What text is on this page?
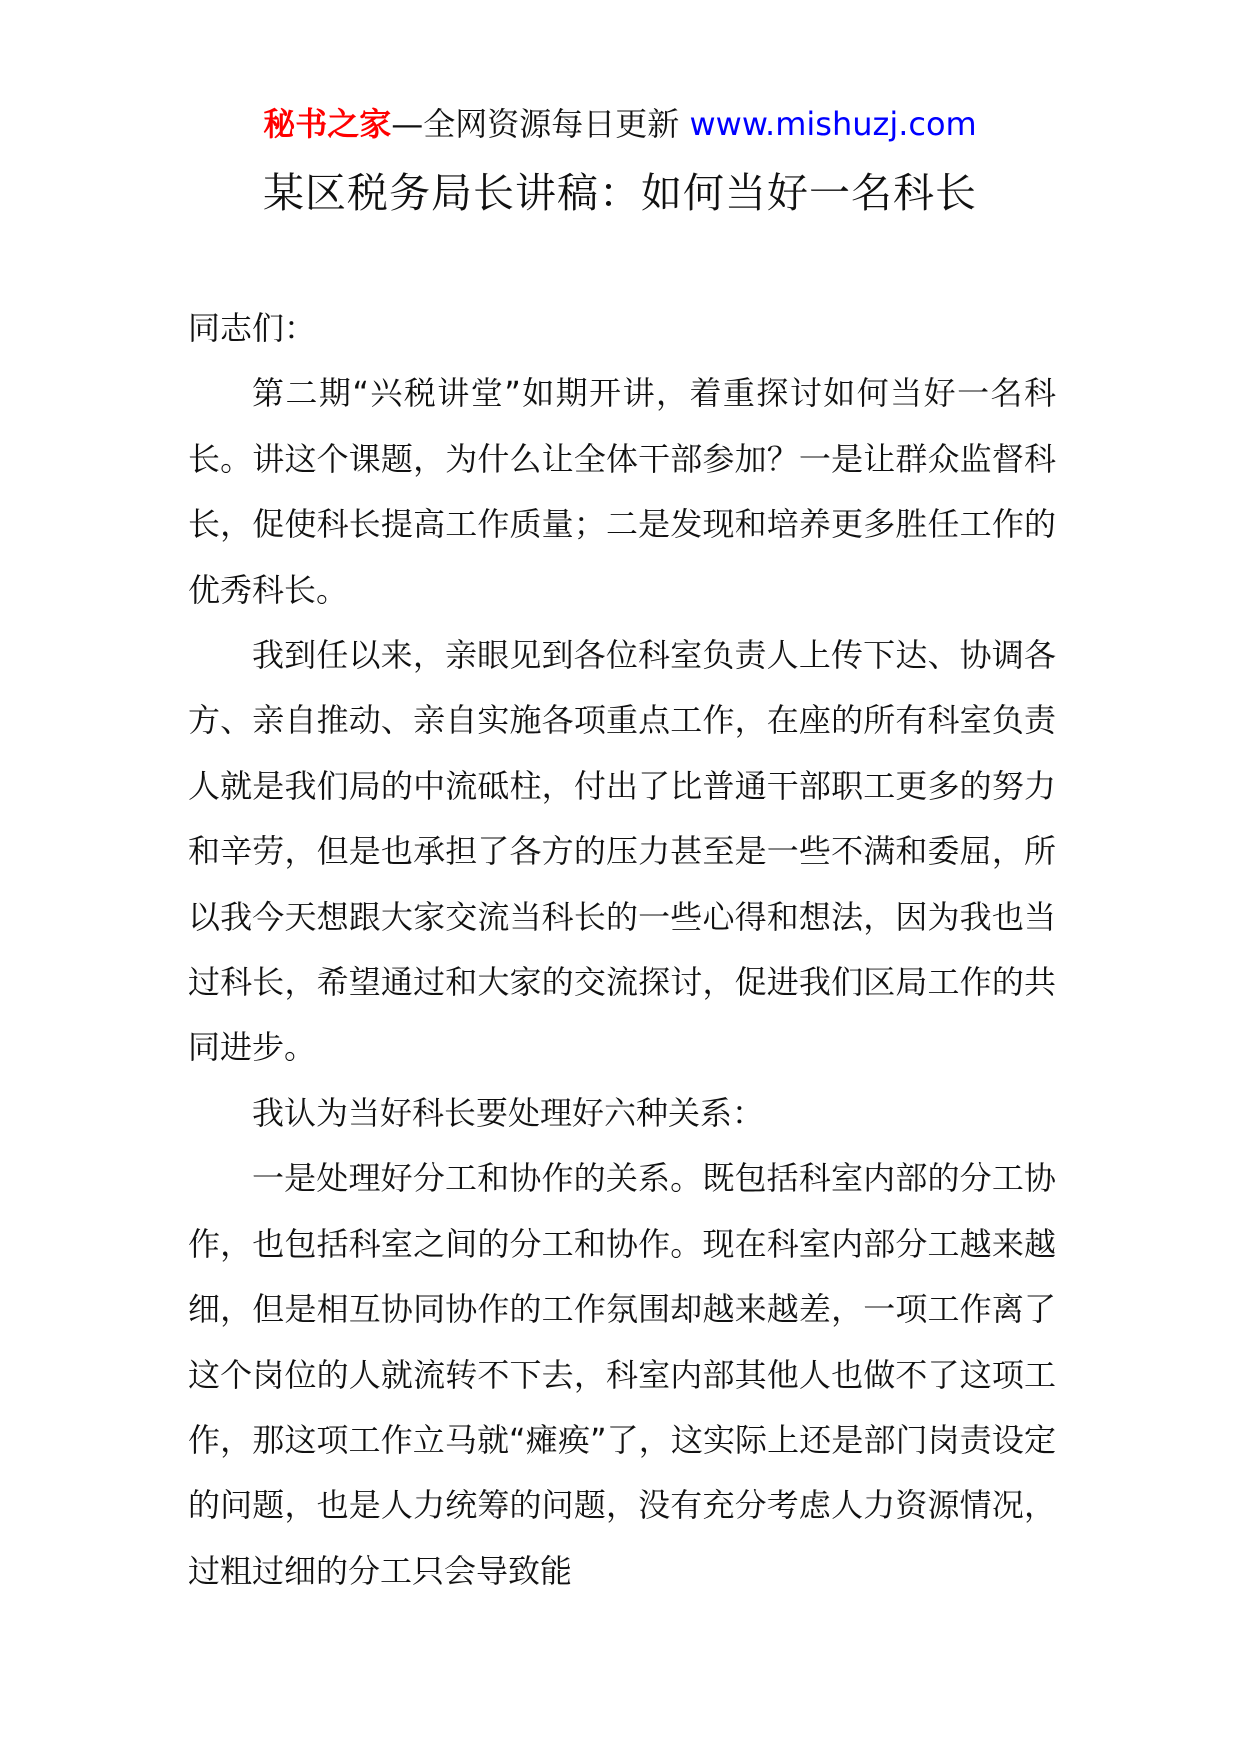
秘书之家—全网资源每日更新 www.mishuzj.com
某区税务局长讲稿：如何当好一名科长

同志们：

第二期“兴税讲堂”如期开讲，着重探讨如何当好一名科长。讲这个课题，为什么让全体干部参加？一是让群众监督科长，促使科长提高工作质量；二是发现和培养更多胜任工作的优秀科长。

我到任以来，亲眼见到各位科室负责人上传下达、协调各方、亲自推动、亲自实施各项重点工作，在座的所有科室负责人就是我们局的中流砥柱，付出了比普通干部职工更多的努力和辛劳，但是也承担了各方的压力甚至是一些不满和委屈，所以我今天想跟大家交流当科长的一些心得和想法，因为我也当过科长，希望通过和大家的交流探讨，促进我们区局工作的共同进步。

我认为当好科长要处理好六种关系：

一是处理好分工和协作的关系。既包括科室内部的分工协作，也包括科室之间的分工和协作。现在科室内部分工越来越细，但是相互协同协作的工作氛围却越来越差，一项工作离了这个岗位的人就流转不下去，科室内部其他人也做不了这项工作，那这项工作立马就“瘫痪”了，这实际上还是部门岗责设定的问题，也是人力统筹的问题，没有充分考虑人力资源情况，过粗过细的分工只会导致能
